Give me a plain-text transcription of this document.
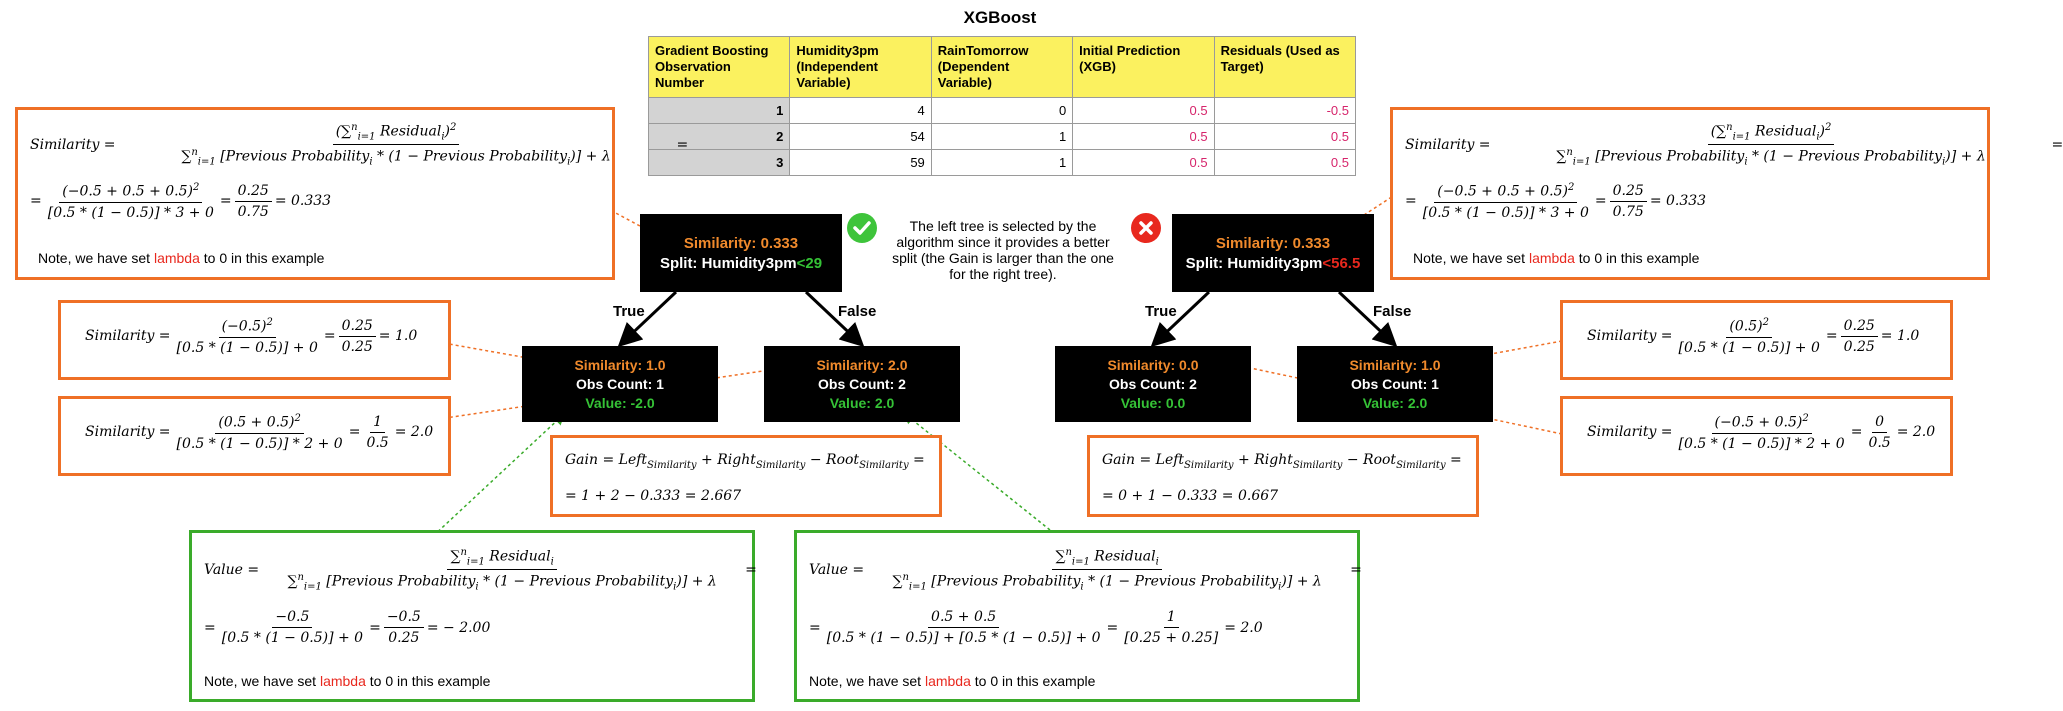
XGBoost
Gradient Boosting Observation Number	Humidity3pm (Independent Variable)	RainTomorrow (Dependent Variable)	Initial Prediction (XGB)	Residuals (Used as Target)
1	4	0	0.5	-0.5
2	54	1	0.5	0.5
3	59	1	0.5	0.5
Similarity =
(∑$^n_{i=1}$ Residual$_i$)$^2$
∑$^n_{i=1}$ [Previous Probability$_i$ * (1 − Previous Probability$_i$)] + λ
=
= $\frac{(-0.5 + 0.5 + 0.5)^2}{[0.5 * (1 - 0.5)] * 3 + 0} = \frac{0.25}{0.75} = 0.333$
Note, we have set lambda to 0 in this example
Similarity =
(∑$^n_{i=1}$ Residual$_i$)$^2$
∑$^n_{i=1}$ [Previous Probability$_i$ * (1 − Previous Probability$_i$)] + λ
=
= $\frac{(-0.5 + 0.5 + 0.5)^2}{[0.5 * (1 - 0.5)] * 3 + 0} = \frac{0.25}{0.75} = 0.333$
Note, we have set lambda to 0 in this example
Similarity: 0.333
Split: Humidity3pm<29
The left tree is selected by the algorithm since it provides a better split (the Gain is larger than the one for the right tree).
Similarity: 0.333
Split: Humidity3pm<56.5
True	False	True	False
Similarity: 1.0
Obs Count: 1
Value: -2.0
Similarity: 2.0
Obs Count: 2
Value: 2.0
Similarity: 0.0
Obs Count: 2
Value: 0.0
Similarity: 1.0
Obs Count: 1
Value: 2.0
Similarity = $\frac{(-0.5)^2}{[0.5 * (1 - 0.5)] + 0} = \frac{0.25}{0.25} = 1.0$
Similarity = $\frac{(0.5 + 0.5)^2}{[0.5 * (1 - 0.5)] * 2 + 0} = \frac{1}{0.5} = 2.0$
Similarity = $\frac{(0.5)^2}{[0.5 * (1 - 0.5)] + 0} = \frac{0.25}{0.25} = 1.0$
Similarity = $\frac{(-0.5 + 0.5)^2}{[0.5 * (1 - 0.5)] * 2 + 0} = \frac{0}{0.5} = 2.0$
Gain = Left$_{Similarity}$ + Right$_{Similarity}$ − Root$_{Similarity}$ =
= 1 + 2 − 0.333 = 2.667
Gain = Left$_{Similarity}$ + Right$_{Similarity}$ − Root$_{Similarity}$ =
= 0 + 1 − 0.333 = 0.667
Value =
∑$^n_{i=1}$ Residual$_i$
∑$^n_{i=1}$ [Previous Probability$_i$ * (1 − Previous Probability$_i$)] + λ
=
= $\frac{-0.5}{[0.5 * (1 - 0.5)] + 0} = \frac{-0.5}{0.25}$ = − 2.00
Note, we have set lambda to 0 in this example
Value =
∑$^n_{i=1}$ Residual$_i$
∑$^n_{i=1}$ [Previous Probability$_i$ * (1 − Previous Probability$_i$)] + λ
=
= $\frac{0.5 + 0.5}{[0.5 * (1 - 0.5)] + [0.5 * (1 - 0.5)] + 0} = \frac{1}{[0.25 + 0.25]} = 2.0$
Note, we have set lambda to 0 in this example
